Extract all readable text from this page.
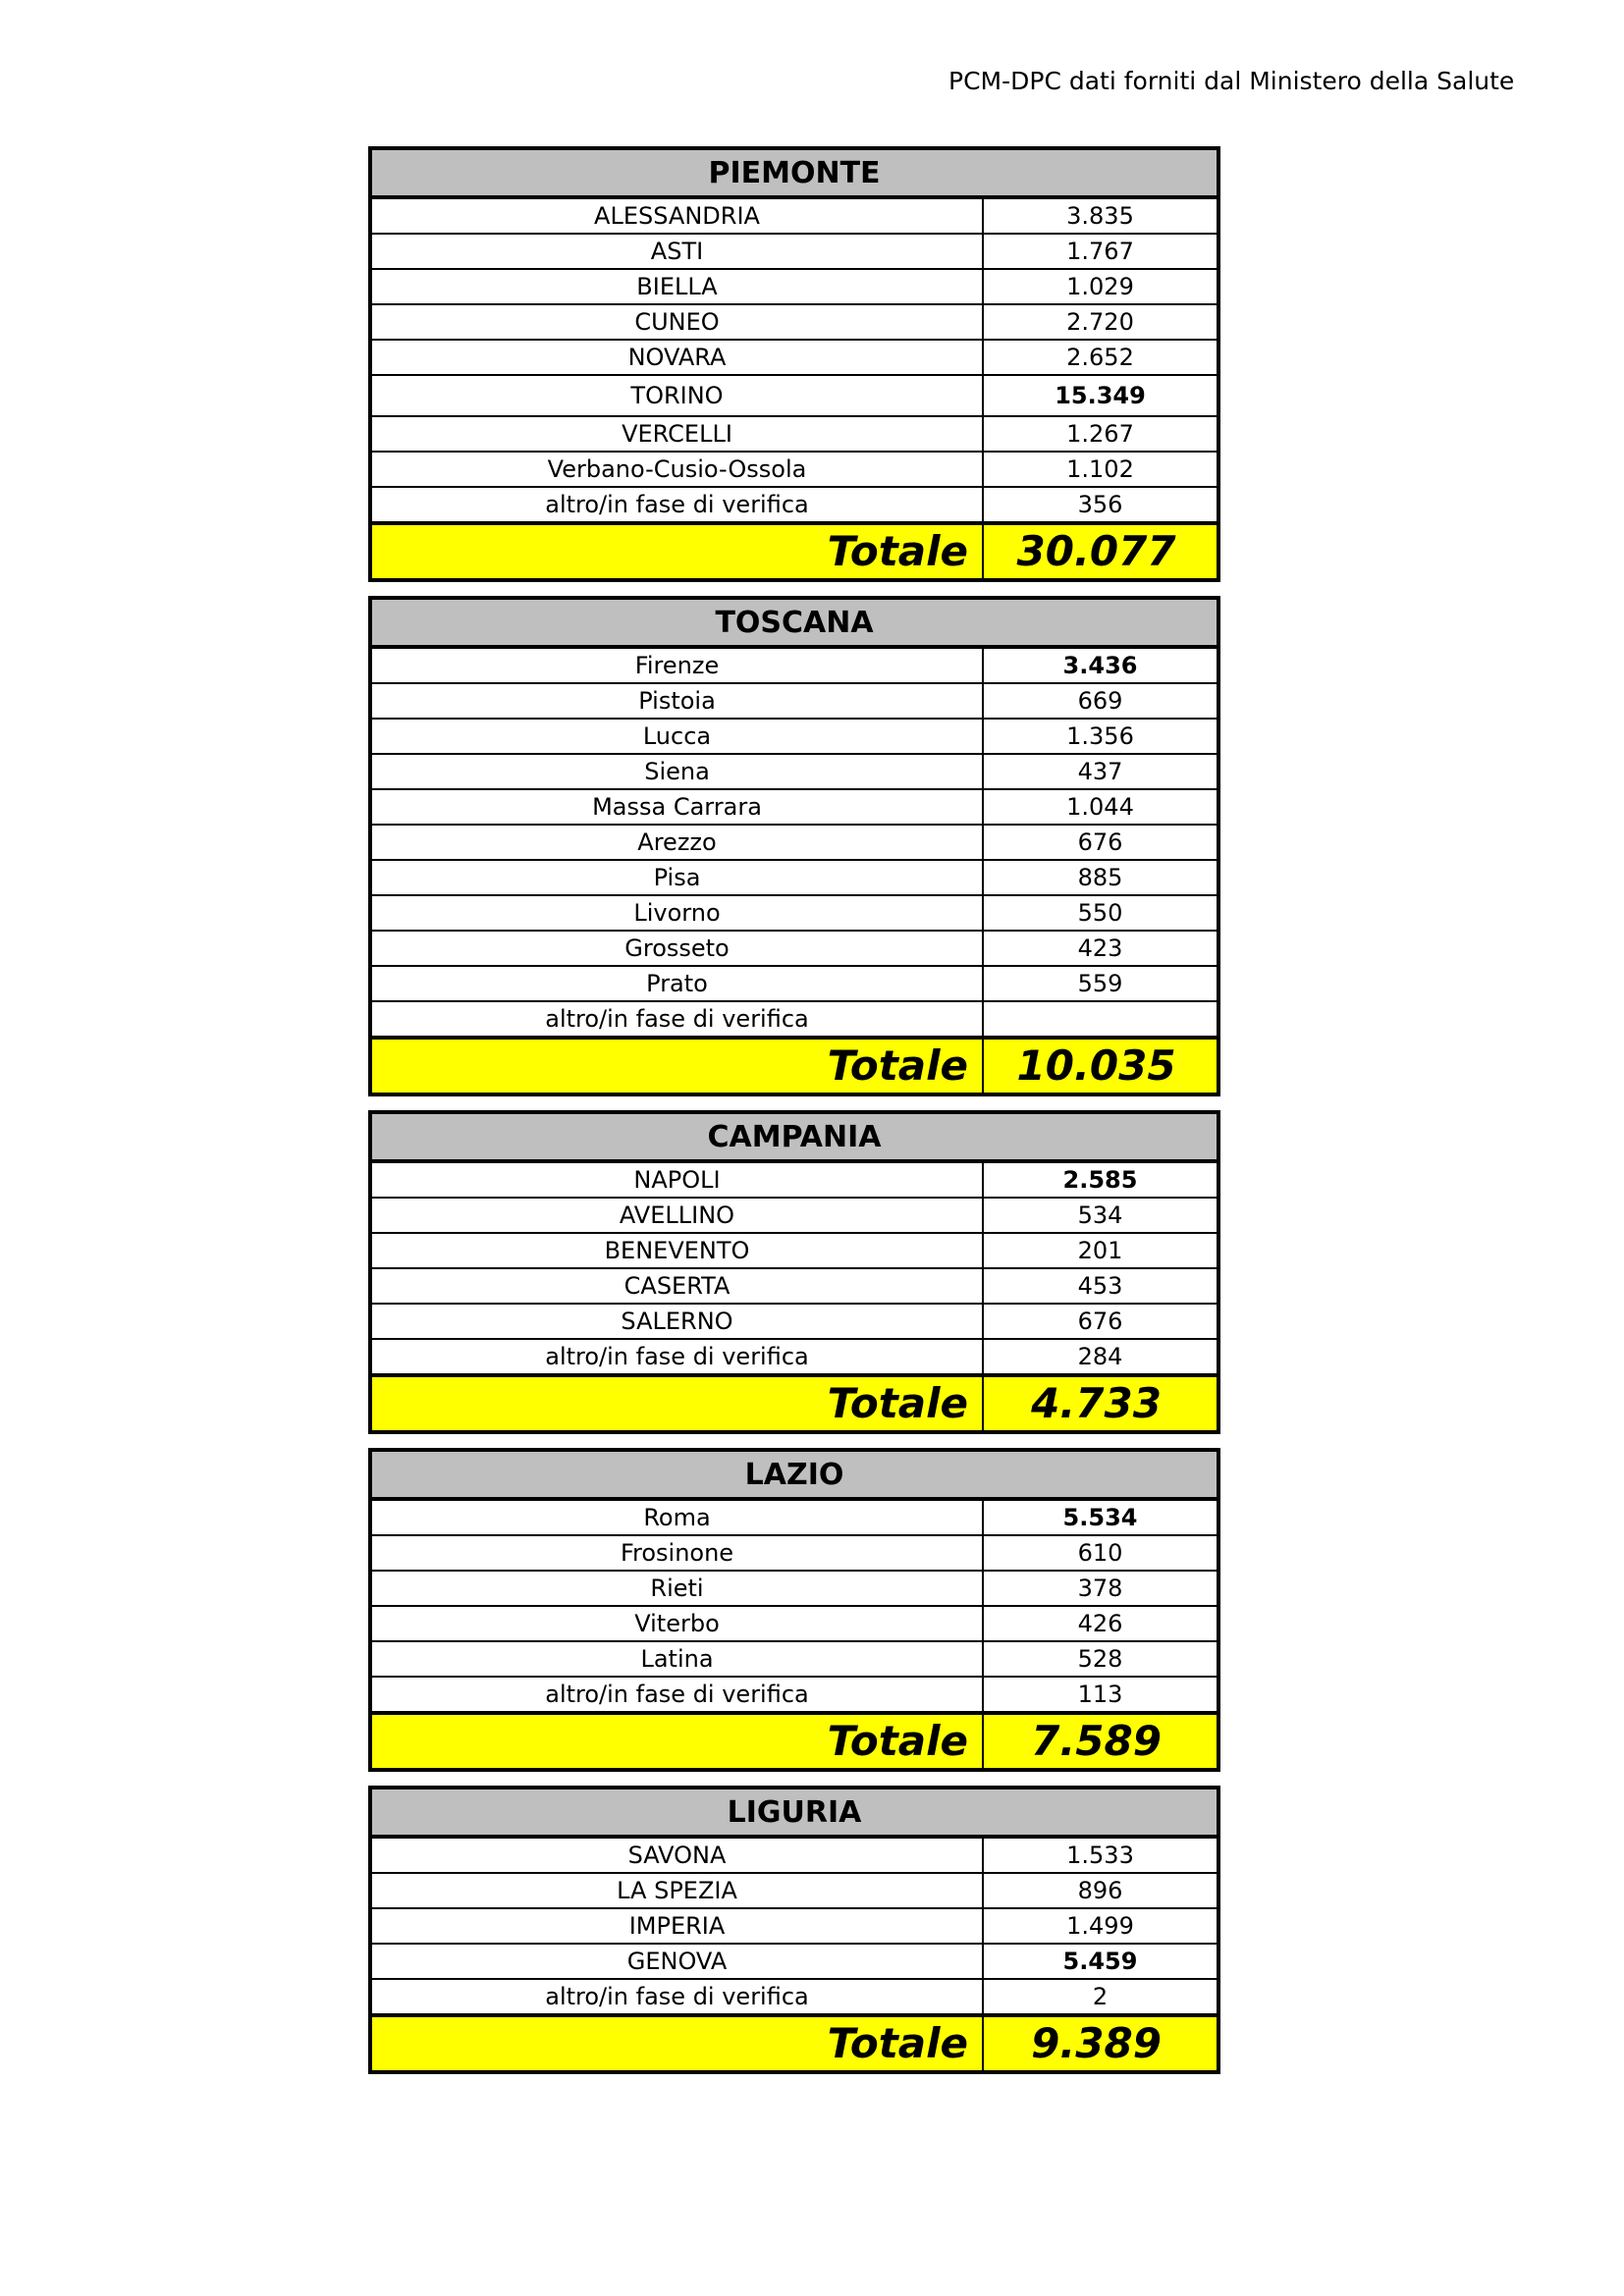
PCM-DPC dati forniti dal Ministero della Salute
PIEMONTE	
ALESSANDRIA	3.835
ASTI	1.767
BIELLA	1.029
CUNEO	2.720
NOVARA	2.652
TORINO	15.349
VERCELLI	1.267
Verbano-Cusio-Ossola	1.102
altro/in fase di verifica	356
Totale	30.077
TOSCANA	
Firenze	3.436
Pistoia	669
Lucca	1.356
Siena	437
Massa Carrara	1.044
Arezzo	676
Pisa	885
Livorno	550
Grosseto	423
Prato	559
altro/in fase di verifica	
Totale	10.035
CAMPANIA	
NAPOLI	2.585
AVELLINO	534
BENEVENTO	201
CASERTA	453
SALERNO	676
altro/in fase di verifica	284
Totale	4.733
LAZIO	
Roma	5.534
Frosinone	610
Rieti	378
Viterbo	426
Latina	528
altro/in fase di verifica	113
Totale	7.589
LIGURIA	
SAVONA	1.533
LA SPEZIA	896
IMPERIA	1.499
GENOVA	5.459
altro/in fase di verifica	2
Totale	9.389
